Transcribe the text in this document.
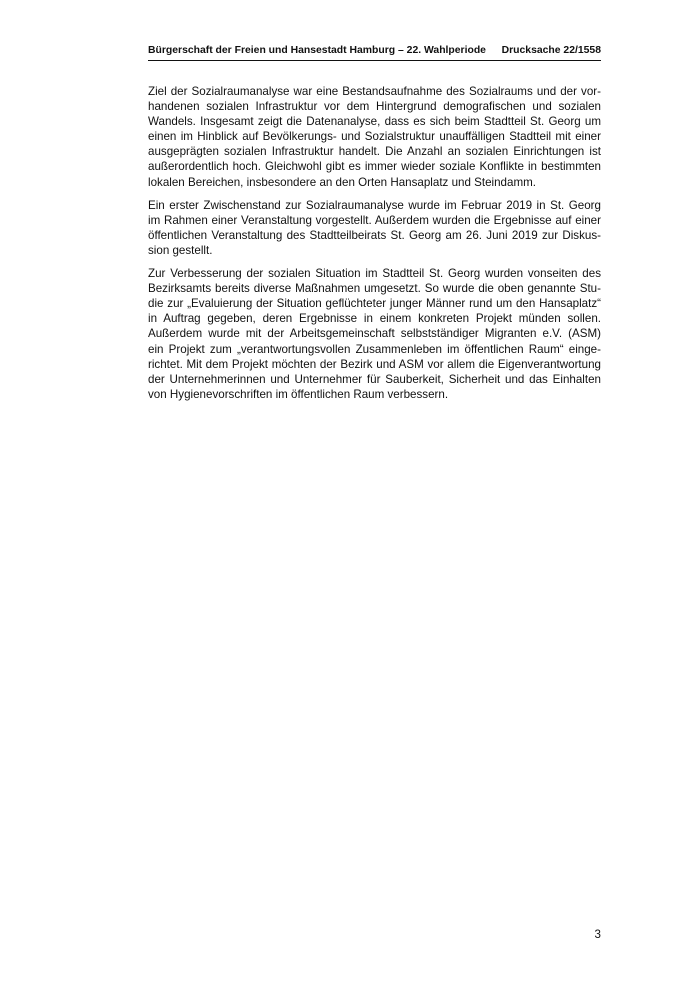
Bürgerschaft der Freien und Hansestadt Hamburg – 22. Wahlperiode Drucksache 22/1558

Ziel der Sozialraumanalyse war eine Bestandsaufnahme des Sozialraums und der vor-
handenen sozialen Infrastruktur vor dem Hintergrund demografischen und sozialen
Wandels. Insgesamt zeigt die Datenanalyse, dass es sich beim Stadtteil St. Georg um
einen im Hinblick auf Bevölkerungs- und Sozialstruktur unauffälligen Stadtteil mit einer
ausgeprägten sozialen Infrastruktur handelt. Die Anzahl an sozialen Einrichtungen ist
außerordentlich hoch. Gleichwohl gibt es immer wieder soziale Konflikte in bestimmten
lokalen Bereichen, insbesondere an den Orten Hansaplatz und Steindamm.

Ein erster Zwischenstand zur Sozialraumanalyse wurde im Februar 2019 in St. Georg
im Rahmen einer Veranstaltung vorgestellt. Außerdem wurden die Ergebnisse auf einer
öffentlichen Veranstaltung des Stadtteilbeirats St. Georg am 26. Juni 2019 zur Diskus-
sion gestellt.

Zur Verbesserung der sozialen Situation im Stadtteil St. Georg wurden vonseiten des
Bezirksamts bereits diverse Maßnahmen umgesetzt. So wurde die oben genannte Stu-
die zur „Evaluierung der Situation geflüchteter junger Männer rund um den Hansaplatz“
in Auftrag gegeben, deren Ergebnisse in einem konkreten Projekt münden sollen.
Außerdem wurde mit der Arbeitsgemeinschaft selbstständiger Migranten e.V. (ASM)
ein Projekt zum „verantwortungsvollen Zusammenleben im öffentlichen Raum“ einge-
richtet. Mit dem Projekt möchten der Bezirk und ASM vor allem die Eigenverantwortung
der Unternehmerinnen und Unternehmer für Sauberkeit, Sicherheit und das Einhalten
von Hygienevorschriften im öffentlichen Raum verbessern.

3
